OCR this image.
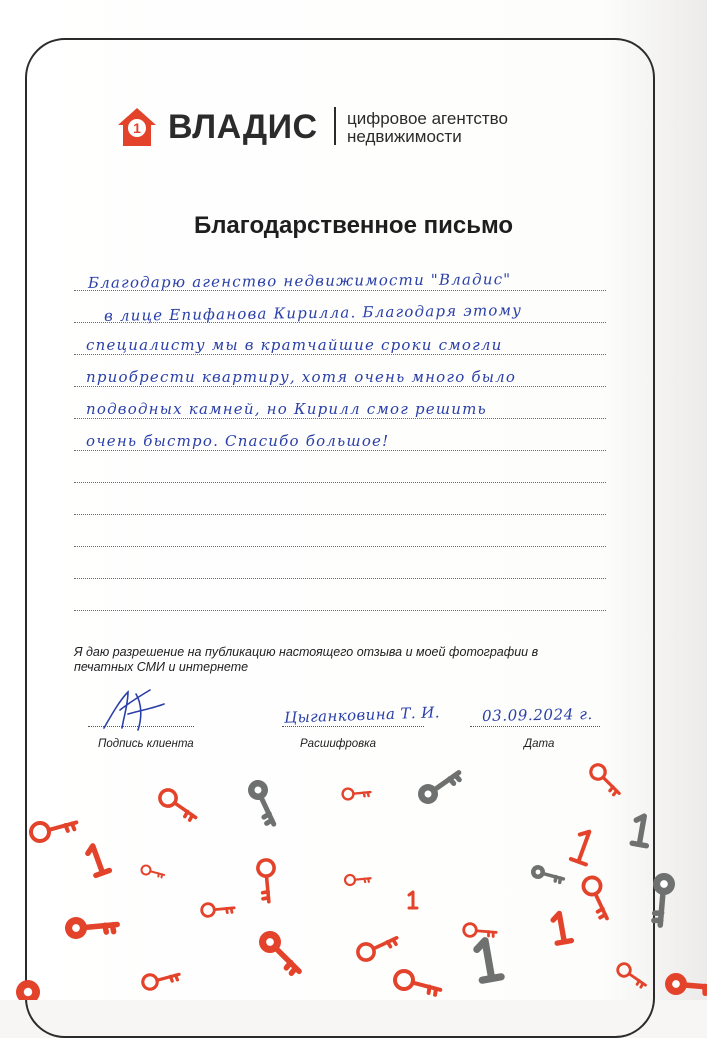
1 ВЛАДИС цифровое агентство
недвижимости
Благодарственное письмо
Благодарю агенство недвижимости "Владис"
в лице Епифанова Кирилла. Благодаря этому
специалисту мы в кратчайшие сроки смогли
приобрести квартиру, хотя очень много было
подводных камней, но Кирилл смог решить
очень быстро. Спасибо большое!
Я даю разрешение на публикацию настоящего отзыва и моей фотографии в печатных СМИ и интернете
Подпись клиента
Цыганковина Т. И.
Расшифровка
03.09.2024 г.
Дата
